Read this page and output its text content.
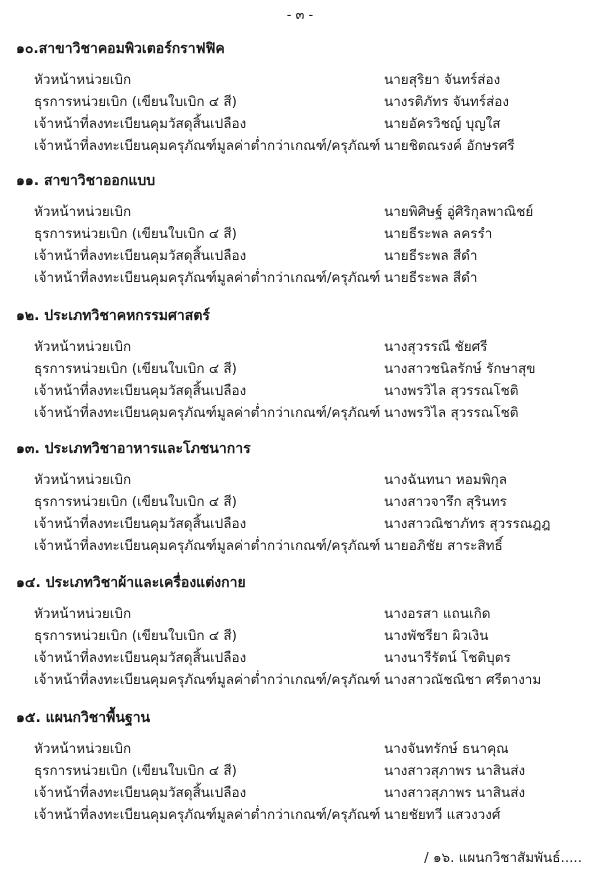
- ๓ -
๑๐.สาขาวิชาคอมพิวเตอร์กราฟฟิค
หัวหน้าหน่วยเบิก	นายสุริยา จันทร์ส่อง
ธุรการหน่วยเบิก (เขียนใบเบิก ๔ สี)	นางรติภัทร จันทร์ส่อง
เจ้าหน้าที่ลงทะเบียนคุมวัสดุสิ้นเปลือง	นายอัครวิชญ์ บุญใส
เจ้าหน้าที่ลงทะเบียนคุมครุภัณฑ์มูลค่าต่ำกว่าเกณฑ์/ครุภัณฑ์ นายชิตณรงค์ อักษรศรี
๑๑. สาขาวิชาออกแบบ
หัวหน้าหน่วยเบิก	นายพิศิษฐ์ อู่ศิริกุลพาณิชย์
ธุรการหน่วยเบิก (เขียนใบเบิก ๔ สี)	นายธีระพล ลครรำ
เจ้าหน้าที่ลงทะเบียนคุมวัสดุสิ้นเปลือง	นายธีระพล สีดำ
เจ้าหน้าที่ลงทะเบียนคุมครุภัณฑ์มูลค่าต่ำกว่าเกณฑ์/ครุภัณฑ์ นายธีระพล สีดำ
๑๒. ประเภทวิชาคหกรรมศาสตร์
หัวหน้าหน่วยเบิก	นางสุวรรณี ชัยศรี
ธุรการหน่วยเบิก (เขียนใบเบิก ๔ สี)	นางสาวชนิลรักษ์ รักษาสุข
เจ้าหน้าที่ลงทะเบียนคุมวัสดุสิ้นเปลือง	นางพรวิไล สุวรรณโชติ
เจ้าหน้าที่ลงทะเบียนคุมครุภัณฑ์มูลค่าต่ำกว่าเกณฑ์/ครุภัณฑ์ นางพรวิไล สุวรรณโชติ
๑๓. ประเภทวิชาอาหารและโภชนาการ
หัวหน้าหน่วยเบิก	นางฉันทนา หอมพิกุล
ธุรการหน่วยเบิก (เขียนใบเบิก ๔ สี)	นางสาวจารึก สุรินทร
เจ้าหน้าที่ลงทะเบียนคุมวัสดุสิ้นเปลือง	นางสาวณิชาภัทร สุวรรณฎฎ
เจ้าหน้าที่ลงทะเบียนคุมครุภัณฑ์มูลค่าต่ำกว่าเกณฑ์/ครุภัณฑ์ นายอภิชัย สาระสิทธิ์
๑๔. ประเภทวิชาผ้าและเครื่องแต่งกาย
หัวหน้าหน่วยเบิก	นางอรสา แถนเกิด
ธุรการหน่วยเบิก (เขียนใบเบิก ๔ สี)	นางพัชรียา ผิวเงิน
เจ้าหน้าที่ลงทะเบียนคุมวัสดุสิ้นเปลือง	นางนารีรัตน์ โชติบุตร
เจ้าหน้าที่ลงทะเบียนคุมครุภัณฑ์มูลค่าต่ำกว่าเกณฑ์/ครุภัณฑ์ นางสาวณัชณิชา ศรีตางาม
๑๕. แผนกวิชาพื้นฐาน
หัวหน้าหน่วยเบิก	นางจันทรักษ์ ธนาคุณ
ธุรการหน่วยเบิก (เขียนใบเบิก ๔ สี)	นางสาวสุภาพร นาสินส่ง
เจ้าหน้าที่ลงทะเบียนคุมวัสดุสิ้นเปลือง	นางสาวสุภาพร นาสินส่ง
เจ้าหน้าที่ลงทะเบียนคุมครุภัณฑ์มูลค่าต่ำกว่าเกณฑ์/ครุภัณฑ์ นายชัยทวี แสวงวงศ์
/ ๑๖. แผนกวิชาสัมพันธ์.....
